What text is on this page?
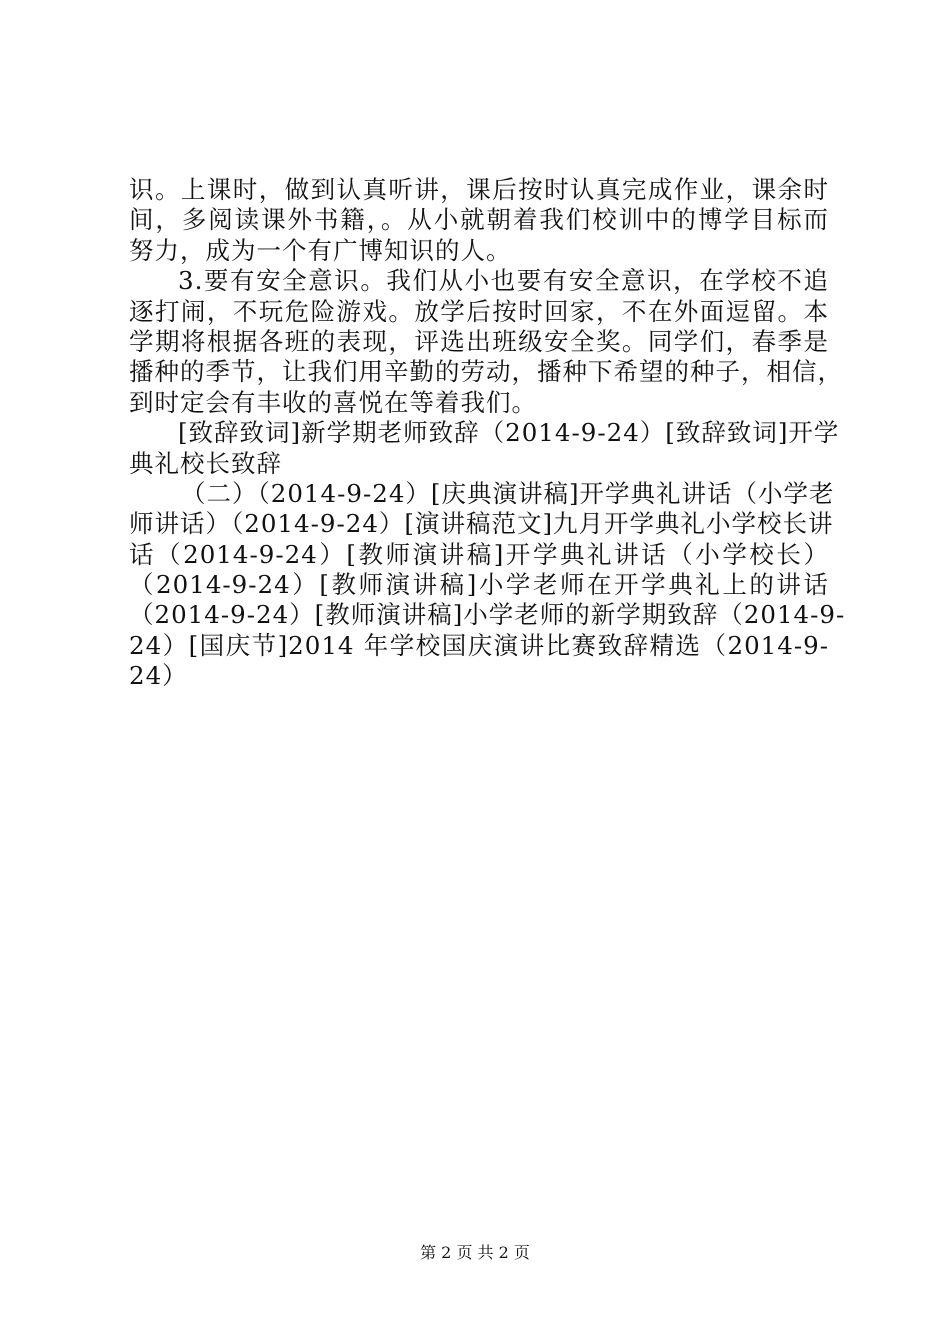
识。上课时，做到认真听讲，课后按时认真完成作业，课余时
间，多阅读课外书籍，。从小就朝着我们校训中的博学目标而
努力，成为一个有广博知识的人。
3.要有安全意识。我们从小也要有安全意识，在学校不追
逐打闹，不玩危险游戏。放学后按时回家，不在外面逗留。本
学期将根据各班的表现，评选出班级安全奖。同学们，春季是
播种的季节，让我们用辛勤的劳动，播种下希望的种子，相信，
到时定会有丰收的喜悦在等着我们。
[致辞致词]新学期老师致辞（2014-9-24）[致辞致词]开学
典礼校长致辞
（二）（2014-9-24）[庆典演讲稿]开学典礼讲话（小学老
师讲话）（2014-9-24）[演讲稿范文]九月开学典礼小学校长讲
话（2014-9-24）[教师演讲稿]开学典礼讲话（小学校长）
（2014-9-24）[教师演讲稿]小学老师在开学典礼上的讲话
（2014-9-24）[教师演讲稿]小学老师的新学期致辞（2014-9-
24）[国庆节]2014 年学校国庆演讲比赛致辞精选（2014-9-
24）
第 2 页 共 2 页
